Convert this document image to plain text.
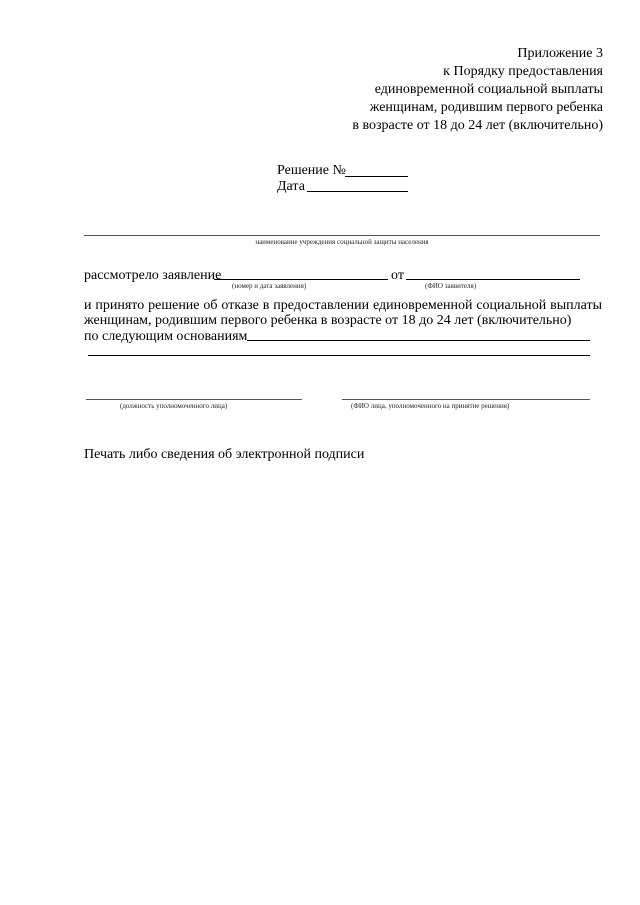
Приложение 3
к Порядку предоставления
единовременной социальной выплаты
женщинам, родившим первого ребенка
в возрасте от 18 до 24 лет (включительно)
Решение №
Дата
наименование учреждения социальной защиты населения
рассмотрело заявление
(номер и дата заявления)
от
(ФИО заявителя)
и принято решение об отказе в предоставлении единовременной социальной выплаты
женщинам, родившим первого ребенка в возрасте от 18 до 24 лет (включительно)
по следующим основаниям
(должность уполномоченного лица)	(ФИО лица, уполномоченного на принятие решения)
Печать либо сведения об электронной подписи
